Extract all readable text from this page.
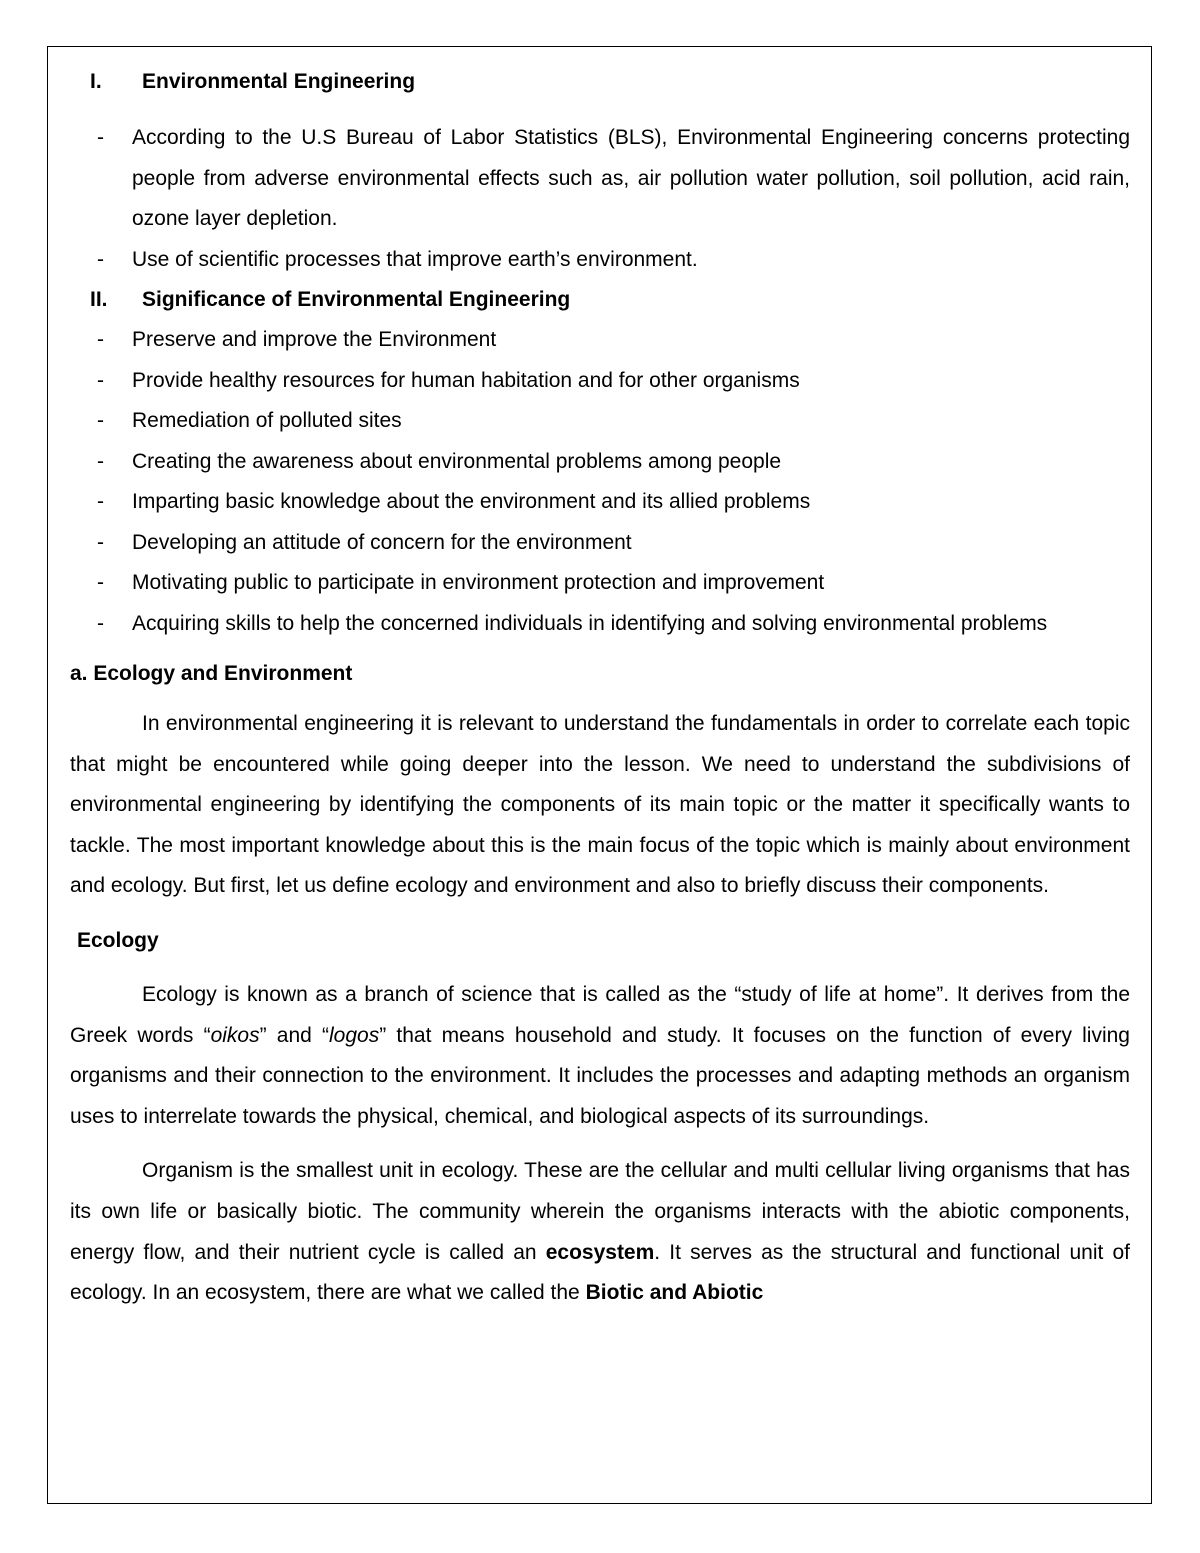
I. Environmental Engineering
- According to the U.S Bureau of Labor Statistics (BLS), Environmental Engineering concerns protecting people from adverse environmental effects such as, air pollution water pollution, soil pollution, acid rain, ozone layer depletion.
- Use of scientific processes that improve earth’s environment.
II. Significance of Environmental Engineering
- Preserve and improve the Environment
- Provide healthy resources for human habitation and for other organisms
- Remediation of polluted sites
- Creating the awareness about environmental problems among people
- Imparting basic knowledge about the environment and its allied problems
- Developing an attitude of concern for the environment
- Motivating public to participate in environment protection and improvement
- Acquiring skills to help the concerned individuals in identifying and solving environmental problems
a. Ecology and Environment

In environmental engineering it is relevant to understand the fundamentals in order to correlate each topic that might be encountered while going deeper into the lesson. We need to understand the subdivisions of environmental engineering by identifying the components of its main topic or the matter it specifically wants to tackle. The most important knowledge about this is the main focus of the topic which is mainly about environment and ecology. But first, let us define ecology and environment and also to briefly discuss their components.

Ecology

Ecology is known as a branch of science that is called as the “study of life at home”. It derives from the Greek words “oikos” and “logos” that means household and study. It focuses on the function of every living organisms and their connection to the environment. It includes the processes and adapting methods an organism uses to interrelate towards the physical, chemical, and biological aspects of its surroundings.

Organism is the smallest unit in ecology. These are the cellular and multi cellular living organisms that has its own life or basically biotic. The community wherein the organisms interacts with the abiotic components, energy flow, and their nutrient cycle is called an ecosystem. It serves as the structural and functional unit of ecology. In an ecosystem, there are what we called the Biotic and Abiotic
